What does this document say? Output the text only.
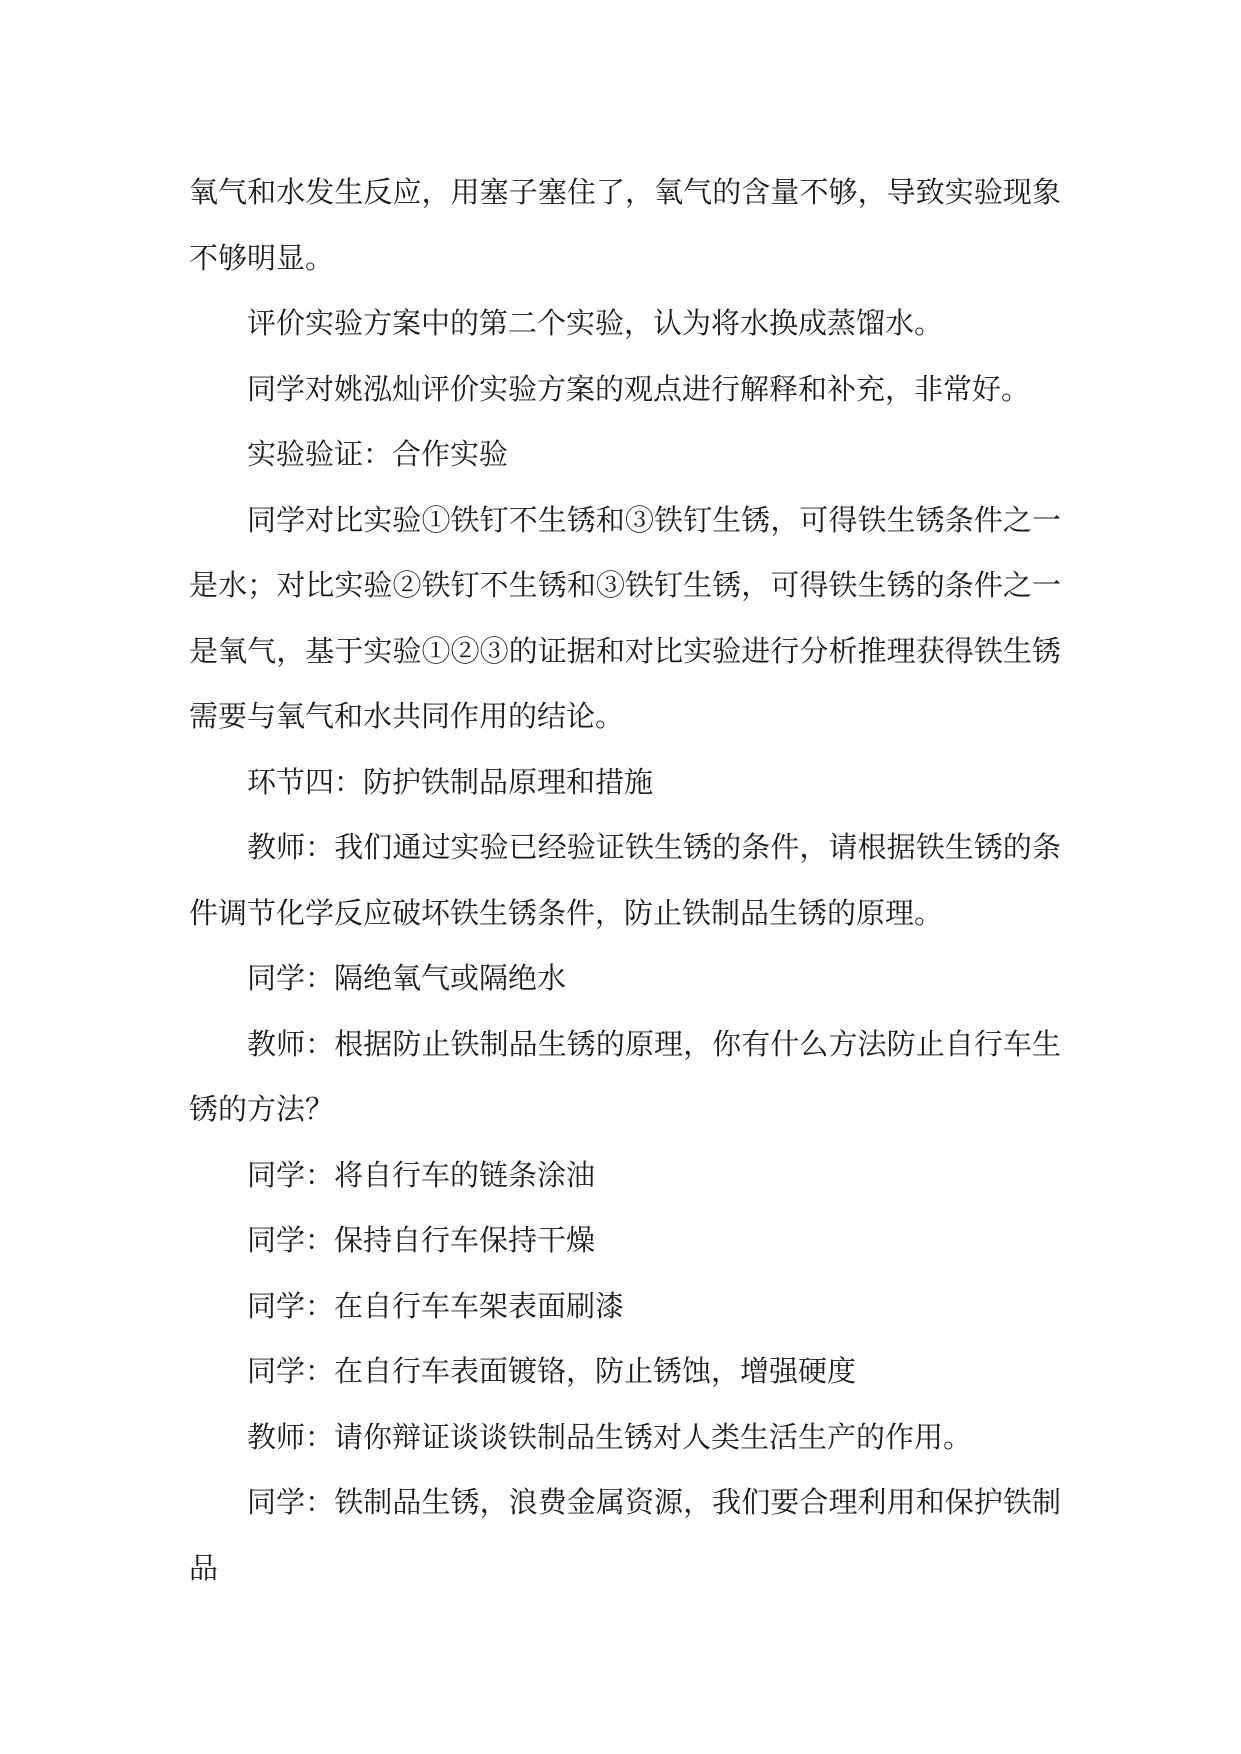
氧气和水发生反应，用塞子塞住了，氧气的含量不够，导致实验现象不够明显。

评价实验方案中的第二个实验，认为将水换成蒸馏水。

同学对姚泓灿评价实验方案的观点进行解释和补充，非常好。

实验验证：合作实验

同学对比实验①铁钉不生锈和③铁钉生锈，可得铁生锈条件之一是水；对比实验②铁钉不生锈和③铁钉生锈，可得铁生锈的条件之一是氧气，基于实验①②③的证据和对比实验进行分析推理获得铁生锈需要与氧气和水共同作用的结论。

环节四：防护铁制品原理和措施

教师：我们通过实验已经验证铁生锈的条件，请根据铁生锈的条件调节化学反应破坏铁生锈条件，防止铁制品生锈的原理。

同学：隔绝氧气或隔绝水

教师：根据防止铁制品生锈的原理，你有什么方法防止自行车生锈的方法？

同学：将自行车的链条涂油

同学：保持自行车保持干燥

同学：在自行车车架表面刷漆

同学：在自行车表面镀铬，防止锈蚀，增强硬度

教师：请你辩证谈谈铁制品生锈对人类生活生产的作用。

同学：铁制品生锈，浪费金属资源，我们要合理利用和保护铁制品
